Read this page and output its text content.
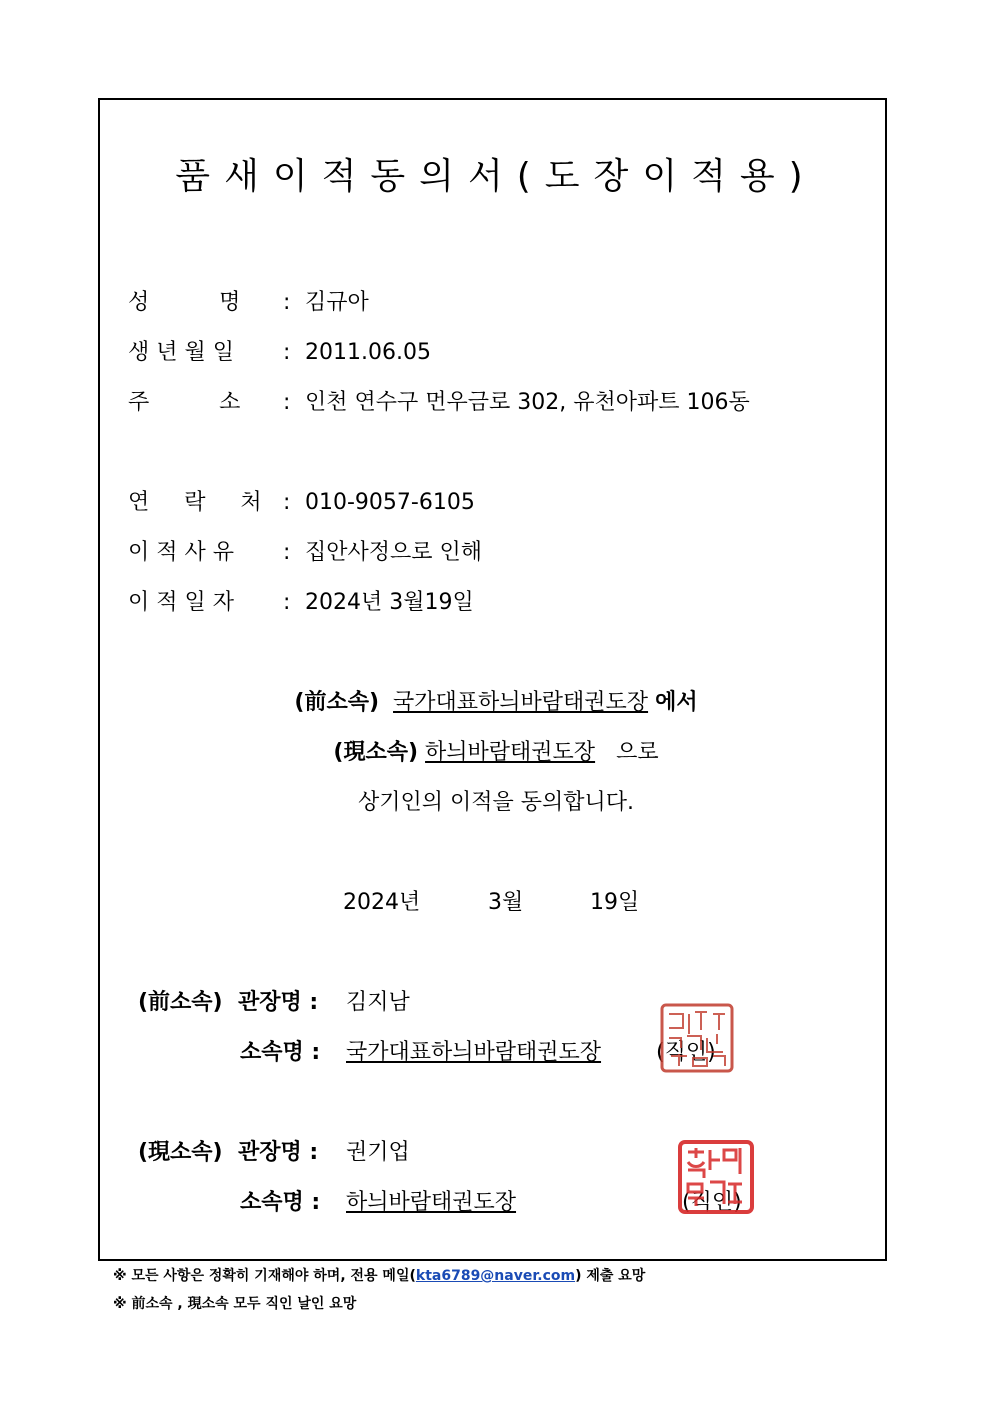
품새이적동의서(도장이적용)
성          명 : 김규아
생 년 월 일 : 2011.06.05
주          소 : 인천 연수구 먼우금로 302, 유천아파트 106동
연     락     처 : 010-9057-6105
이 적 사 유 : 집안사정으로 인해
이 적 일 자 : 2024년 3월19일
(前소속) 국가대표하늬바람태권도장 에서
(現소속) 하늬바람태권도장 으로
상기인의 이적을 동의합니다.
2024년	3월	19일
(前소속) 관장명 : 김지남
소속명 : 국가대표하늬바람태권도장 (직인)
(現소속) 관장명 : 권기업
소속명 : 하늬바람태권도장	(직인)
※ 모든 사항은 정확히 기재해야 하며, 전용 메일(kta6789@naver.com) 제출 요망
※ 前소속 , 現소속 모두 직인 날인 요망
